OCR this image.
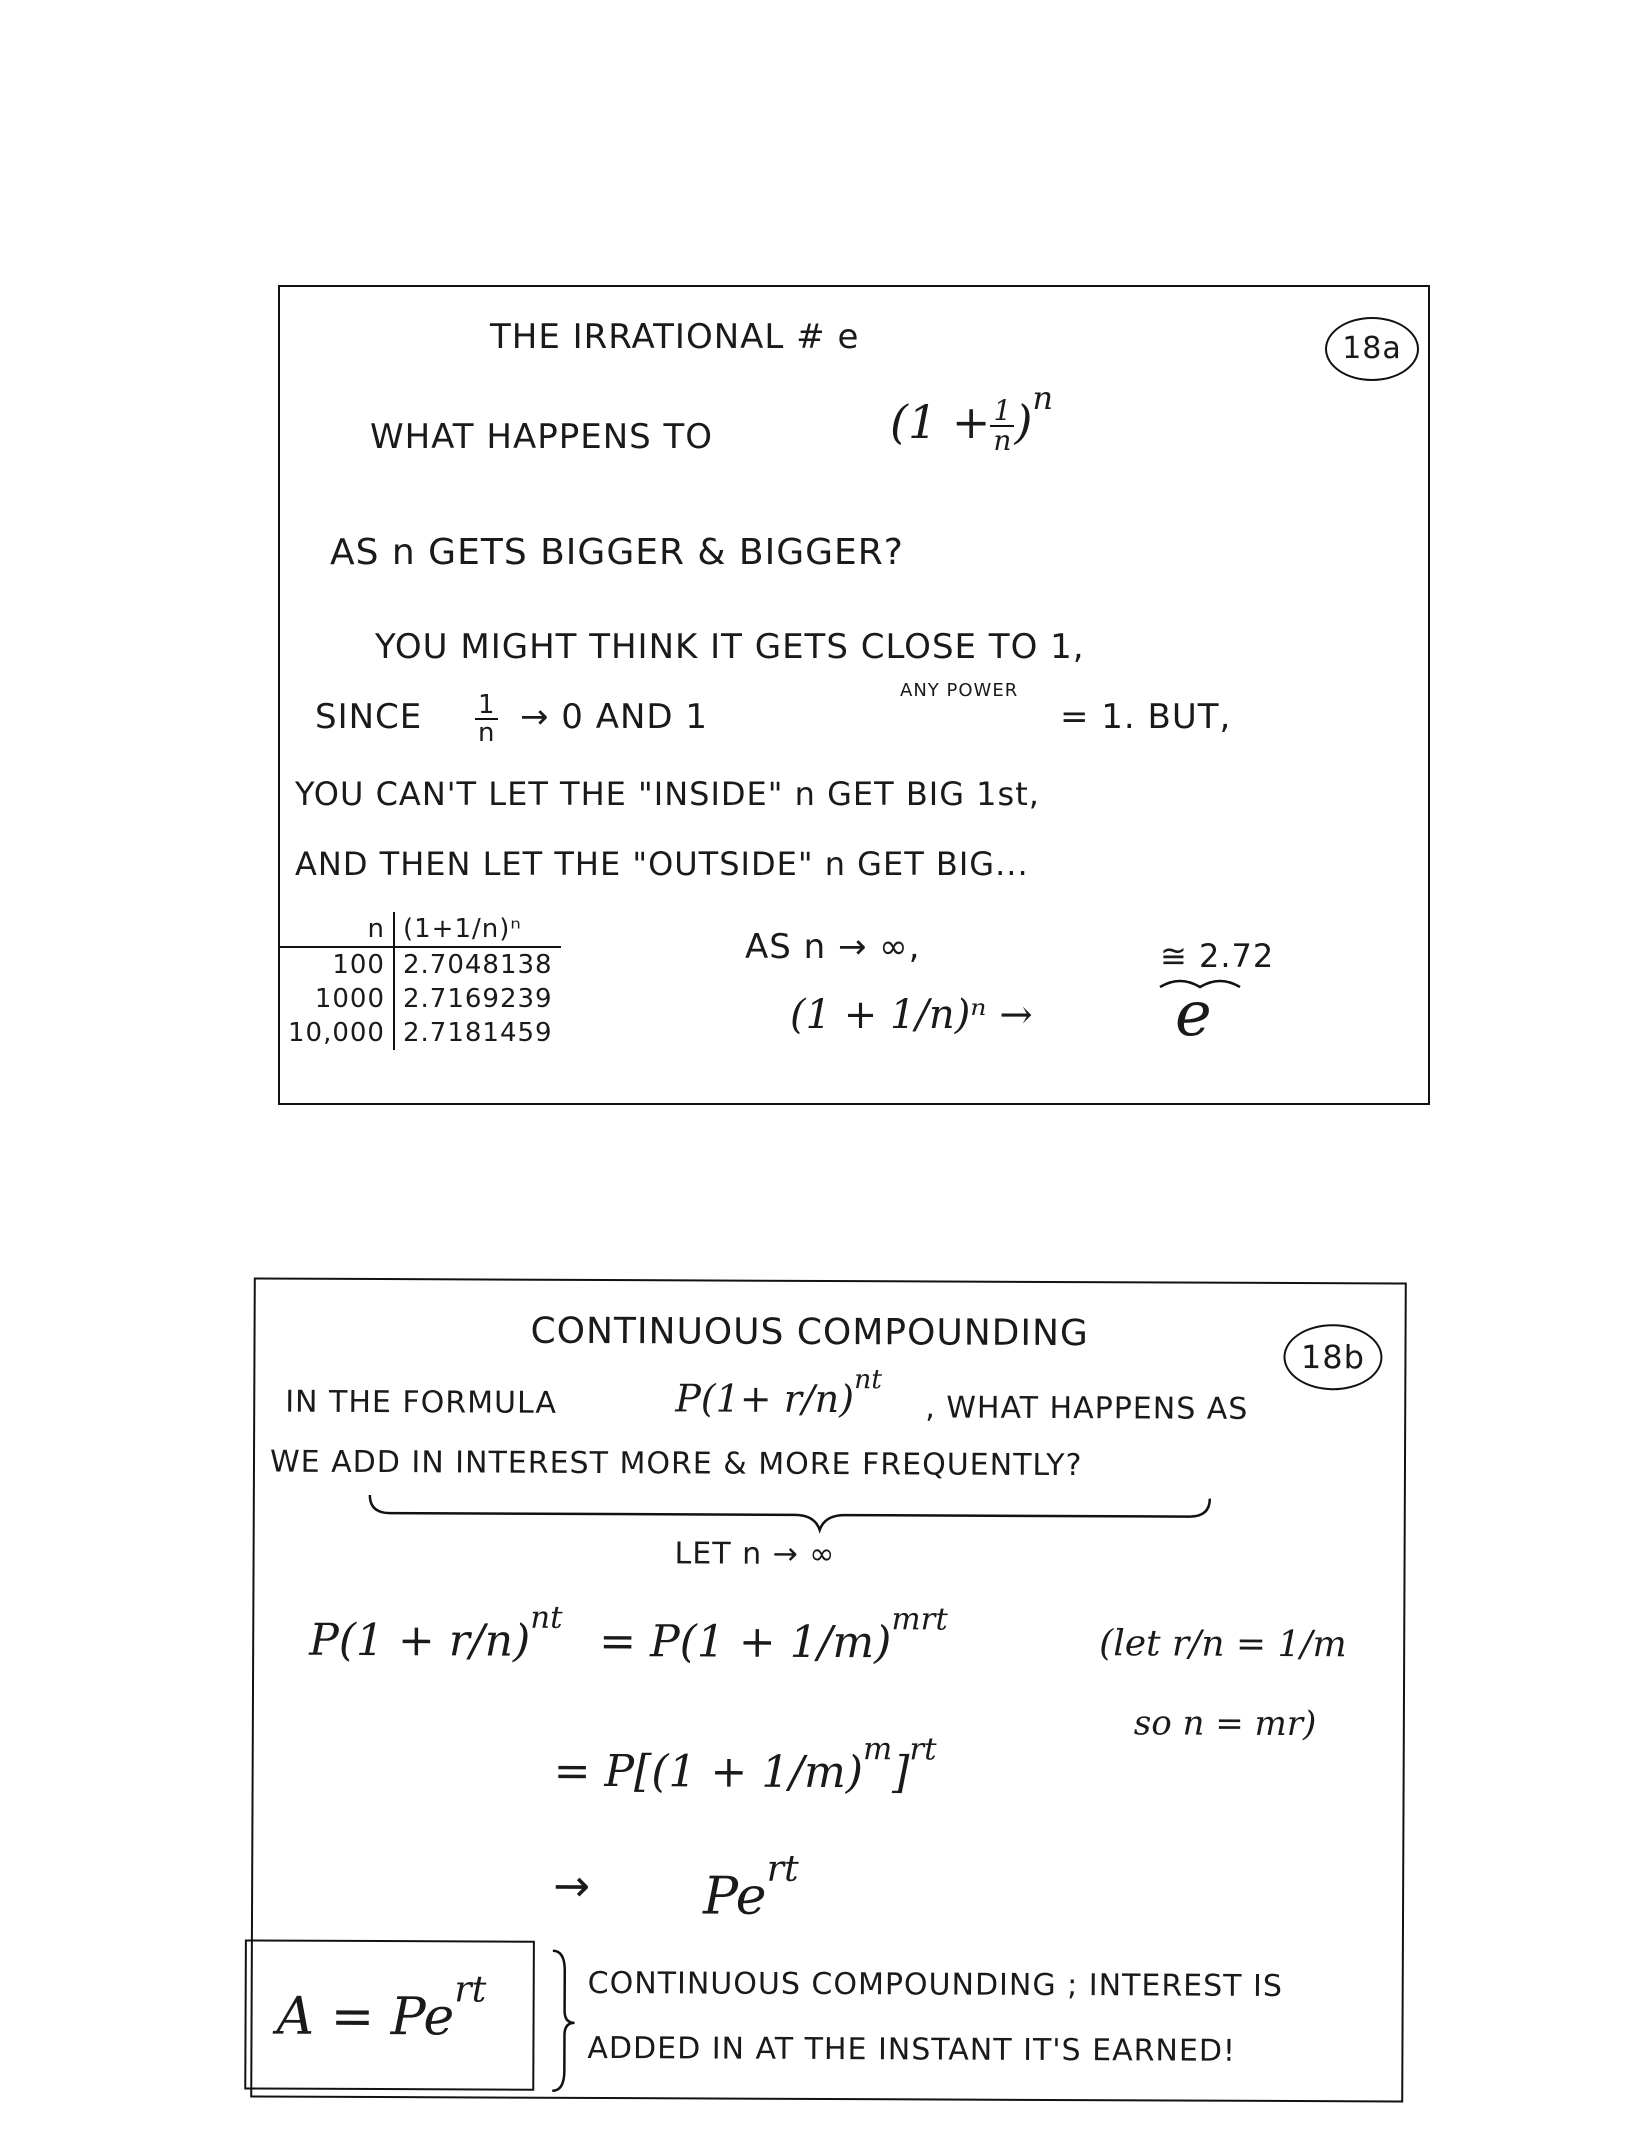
THE IRRATIONAL # e	18a
WHAT HAPPENS TO	$(1 + \frac{1}{n} )^n$
AS n GETS BIGGER & BIGGER?
YOU MIGHT THINK IT GETS CLOSE TO 1,
SINCE $\frac{1}{n} \to 0$ AND 1
ANY POWER
= 1. BUT,
YOU CAN'T LET THE "INSIDE" n GET BIG 1st,
AND THEN LET THE "OUTSIDE" n GET BIG...
n	(1+1/n)ⁿ
100	2.7048138
1000	2.7169239
10,000	2.7181459
AS n → ∞,
(1 + 1/n)ⁿ →
≅ 2.72
e
CONTINUOUS COMPOUNDING
18b
IN THE FORMULA	$P(1+ r/n)^{nt}$
, WHAT HAPPENS AS
WE ADD IN INTEREST MORE & MORE FREQUENTLY?
LET n → ∞
$P(1 + r/n)^{nt} = P(1 + 1/m)^{mrt}$
(let r/n = 1/m
so n = mr)
= $P[(1 + 1/m)^m]^{rt}$
→ $Pe^{rt}$
$A = Pe^{rt}$	CONTINUOUS COMPOUNDING ; INTEREST IS
ADDED IN AT THE INSTANT IT'S EARNED!
